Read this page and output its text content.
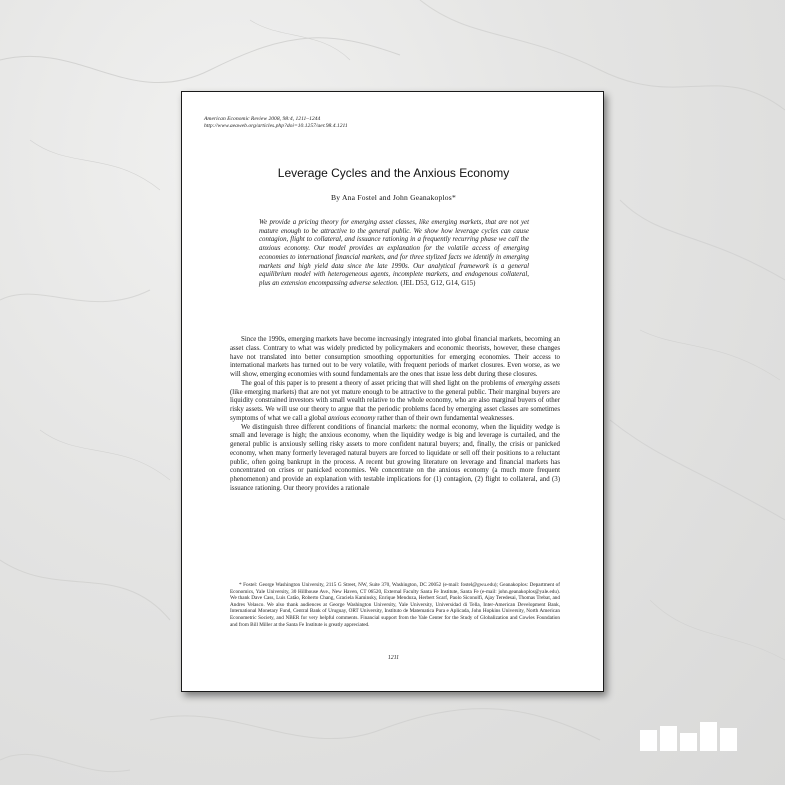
American Economic Review 2008, 98:4, 1211–1244
http://www.aeaweb.org/articles.php?doi=10.1257/aer.98.4.1211
Leverage Cycles and the Anxious Economy
By Ana Fostel and John Geanakoplos*
We provide a pricing theory for emerging asset classes, like emerging markets, that are not yet mature enough to be attractive to the general public. We show how leverage cycles can cause contagion, flight to collateral, and issuance rationing in a frequently recurring phase we call the anxious economy. Our model provides an explanation for the volatile access of emerging economies to international financial markets, and for three stylized facts we identify in emerging markets and high yield data since the late 1990s. Our analytical framework is a general equilibrium model with heterogeneous agents, incomplete markets, and endogenous collateral, plus an extension encompassing adverse selection. (JEL D53, G12, G14, G15)

Since the 1990s, emerging markets have become increasingly integrated into global financial markets, becoming an asset class. Contrary to what was widely predicted by policymakers and economic theorists, however, these changes have not translated into better consumption smoothing opportunities for emerging economies. Their access to international markets has turned out to be very volatile, with frequent periods of market closures. Even worse, as we will show, emerging economies with sound fundamentals are the ones that issue less debt during these closures.

The goal of this paper is to present a theory of asset pricing that will shed light on the problems of emerging assets (like emerging markets) that are not yet mature enough to be attractive to the general public. Their marginal buyers are liquidity constrained investors with small wealth relative to the whole economy, who are also marginal buyers of other risky assets. We will use our theory to argue that the periodic problems faced by emerging asset classes are sometimes symptoms of what we call a global anxious economy rather than of their own fundamental weaknesses.

We distinguish three different conditions of financial markets: the normal economy, when the liquidity wedge is small and leverage is high; the anxious economy, when the liquidity wedge is big and leverage is curtailed, and the general public is anxiously selling risky assets to more confident natural buyers; and, finally, the crisis or panicked economy, when many formerly leveraged natural buyers are forced to liquidate or sell off their positions to a reluctant public, often going bankrupt in the process. A recent but growing literature on leverage and financial markets has concentrated on crises or panicked economies. We concentrate on the anxious economy (a much more frequent phenomenon) and provide an explanation with testable implications for (1) contagion, (2) flight to collateral, and (3) issuance rationing. Our theory provides a rationale

* Fostel: George Washington University, 2115 G Street, NW, Suite 370, Washington, DC 20052 (e-mail: fostel@gwu.edu); Geanakoplos: Department of Economics, Yale University, 30 Hillhouse Ave., New Haven, CT 06520, External Faculty Santa Fe Institute, Santa Fe (e-mail: john.geanakoplos@yale.edu). We thank Dave Cass, Luis Catão, Roberto Chang, Graciela Kaminsky, Enrique Mendoza, Herbert Scarf, Paolo Siconolfi, Ajay Teredesai, Thomas Trebat, and Andres Velasco. We also thank audiences at George Washington University, Yale University, Universidad di Tella, Inter-American Development Bank, International Monetary Fund, Central Bank of Uruguay, ORT University, Instituto de Matematica Pura e Aplicada, John Hopkins University, North American Econometric Society, and NBER for very helpful comments. Financial support from the Yale Center for the Study of Globalization and Cowles Foundation and from Bill Miller at the Santa Fe Institute is greatly appreciated.
1211
